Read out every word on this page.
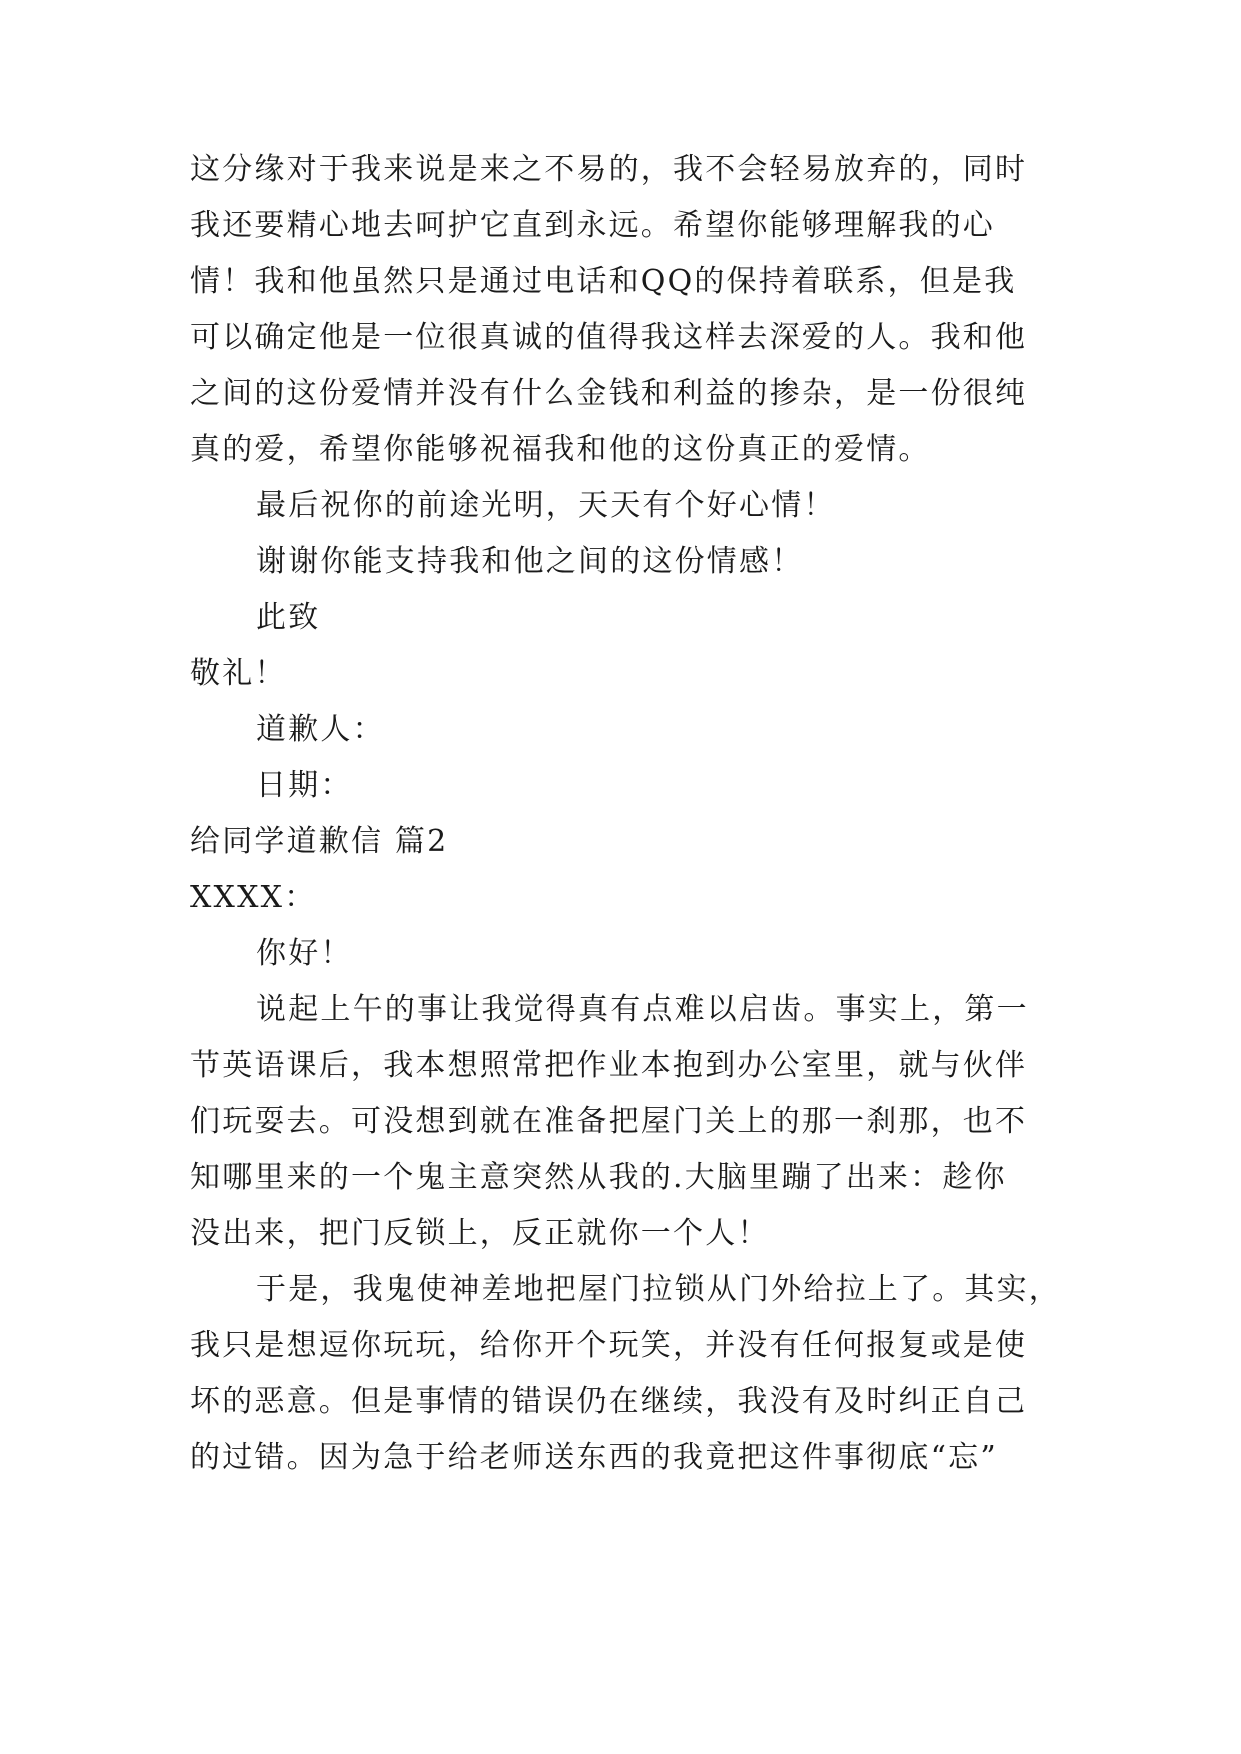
这分缘对于我来说是来之不易的，我不会轻易放弃的，同时
我还要精心地去呵护它直到永远。希望你能够理解我的心
情！我和他虽然只是通过电话和QQ的保持着联系，但是我
可以确定他是一位很真诚的值得我这样去深爱的人。我和他
之间的这份爱情并没有什么金钱和利益的掺杂，是一份很纯
真的爱，希望你能够祝福我和他的这份真正的爱情。
最后祝你的前途光明，天天有个好心情！
谢谢你能支持我和他之间的这份情感！
此致
敬礼！
道歉人：
日期：
给同学道歉信 篇2
XXXX：
你好！
说起上午的事让我觉得真有点难以启齿。事实上，第一
节英语课后，我本想照常把作业本抱到办公室里，就与伙伴
们玩耍去。可没想到就在准备把屋门关上的那一刹那，也不
知哪里来的一个鬼主意突然从我的.大脑里蹦了出来：趁你
没出来，把门反锁上，反正就你一个人！
于是，我鬼使神差地把屋门拉锁从门外给拉上了。其实，
我只是想逗你玩玩，给你开个玩笑，并没有任何报复或是使
坏的恶意。但是事情的错误仍在继续，我没有及时纠正自己
的过错。因为急于给老师送东西的我竟把这件事彻底“忘”
